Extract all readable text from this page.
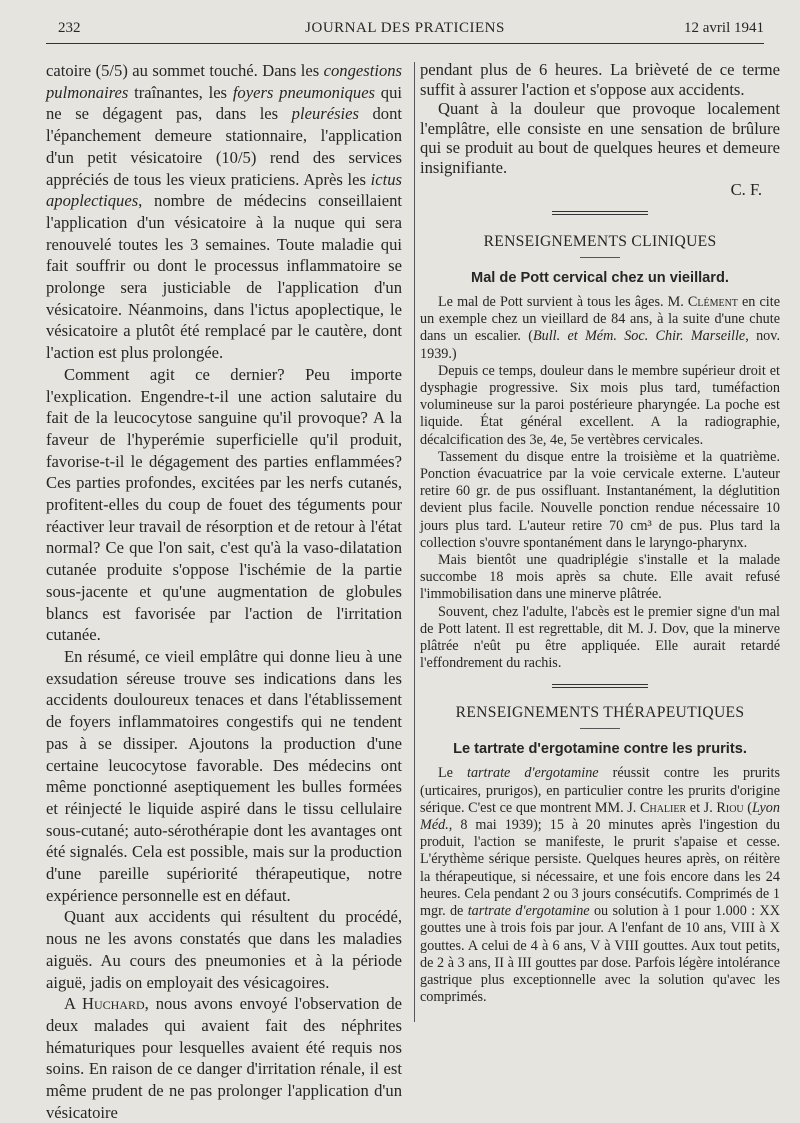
232	JOURNAL DES PRATICIENS	12 avril 1941

catoire (5/5) au sommet touché. Dans les congestions pulmonaires traînantes, les foyers pneumoniques qui ne se dégagent pas, dans les pleurésies dont l'épanchement demeure stationnaire, l'application d'un petit vésicatoire (10/5) rend des services appréciés de tous les vieux praticiens. Après les ictus apoplectiques, nombre de médecins conseillaient l'application d'un vésicatoire à la nuque qui sera renouvelé toutes les 3 semaines. Toute maladie qui fait souffrir ou dont le processus inflammatoire se prolonge sera justiciable de l'application d'un vésicatoire. Néanmoins, dans l'ictus apoplectique, le vésicatoire a plutôt été remplacé par le cautère, dont l'action est plus prolongée.

Comment agit ce dernier? Peu importe l'explication. Engendre-t-il une action salutaire du fait de la leucocytose sanguine qu'il provoque? A la faveur de l'hyperémie superficielle qu'il produit, favorise-t-il le dégagement des parties enflammées? Ces parties profondes, excitées par les nerfs cutanés, profitent-elles du coup de fouet des téguments pour réactiver leur travail de résorption et de retour à l'état normal? Ce que l'on sait, c'est qu'à la vaso-dilatation cutanée produite s'oppose l'ischémie de la partie sous-jacente et qu'une augmentation de globules blancs est favorisée par l'action de l'irritation cutanée.

En résumé, ce vieil emplâtre qui donne lieu à une exsudation séreuse trouve ses indications dans les accidents douloureux tenaces et dans l'établissement de foyers inflammatoires congestifs qui ne tendent pas à se dissiper. Ajoutons la production d'une certaine leucocytose favorable. Des médecins ont même ponctionné aseptiquement les bulles formées et réinjecté le liquide aspiré dans le tissu cellulaire sous-cutané; auto-sérothérapie dont les avantages ont été signalés. Cela est possible, mais sur la production d'une pareille supériorité thérapeutique, notre expérience personnelle est en défaut.

Quant aux accidents qui résultent du procédé, nous ne les avons constatés que dans les maladies aiguës. Au cours des pneumonies et à la période aiguë, jadis on employait des vésicagoires.

A Huchard, nous avons envoyé l'observation de deux malades qui avaient fait des néphrites hématuriques pour lesquelles avaient été requis nos soins. En raison de ce danger d'irritation rénale, il est même prudent de ne pas prolonger l'application d'un vésicatoire

pendant plus de 6 heures. La brièveté de ce terme suffit à assurer l'action et s'oppose aux accidents.

Quant à la douleur que provoque localement l'emplâtre, elle consiste en une sensation de brûlure qui se produit au bout de quelques heures et demeure insignifiante.

C. F.
RENSEIGNEMENTS CLINIQUES
Mal de Pott cervical chez un vieillard.

Le mal de Pott survient à tous les âges. M. Clément en cite un exemple chez un vieillard de 84 ans, à la suite d'une chute dans un escalier. (Bull. et Mém. Soc. Chir. Marseille, nov. 1939.)

Depuis ce temps, douleur dans le membre supérieur droit et dysphagie progressive. Six mois plus tard, tuméfaction volumineuse sur la paroi postérieure pharyngée. La poche est liquide. État général excellent. A la radiographie, décalcification des 3e, 4e, 5e vertèbres cervicales.

Tassement du disque entre la troisième et la quatrième. Ponction évacuatrice par la voie cervicale externe. L'auteur retire 60 gr. de pus ossifluant. Instantanément, la déglutition devient plus facile. Nouvelle ponction rendue nécessaire 10 jours plus tard. L'auteur retire 70 cm³ de pus. Plus tard la collection s'ouvre spontanément dans le laryngo-pharynx.

Mais bientôt une quadriplégie s'installe et la malade succombe 18 mois après sa chute. Elle avait refusé l'immobilisation dans une minerve plâtrée.

Souvent, chez l'adulte, l'abcès est le premier signe d'un mal de Pott latent. Il est regrettable, dit M. J. Dov, que la minerve plâtrée n'eût pu être appliquée. Elle aurait retardé l'effondrement du rachis.

RENSEIGNEMENTS THÉRAPEUTIQUES
Le tartrate d'ergotamine contre les prurits.

Le tartrate d'ergotamine réussit contre les prurits (urticaires, prurigos), en particulier contre les prurits d'origine sérique. C'est ce que montrent MM. J. Chalier et J. Riou (Lyon Méd., 8 mai 1939); 15 à 20 minutes après l'ingestion du produit, l'action se manifeste, le prurit s'apaise et cesse. L'érythème sérique persiste. Quelques heures après, on réitère la thérapeutique, si nécessaire, et une fois encore dans les 24 heures. Cela pendant 2 ou 3 jours consécutifs. Comprimés de 1 mgr. de tartrate d'ergotamine ou solution à 1 pour 1.000 : XX gouttes une à trois fois par jour. A l'enfant de 10 ans, VIII à X gouttes. A celui de 4 à 6 ans, V à VIII gouttes. Aux tout petits, de 2 à 3 ans, II à III gouttes par dose. Parfois légère intolérance gastrique plus exceptionnelle avec la solution qu'avec les comprimés.
